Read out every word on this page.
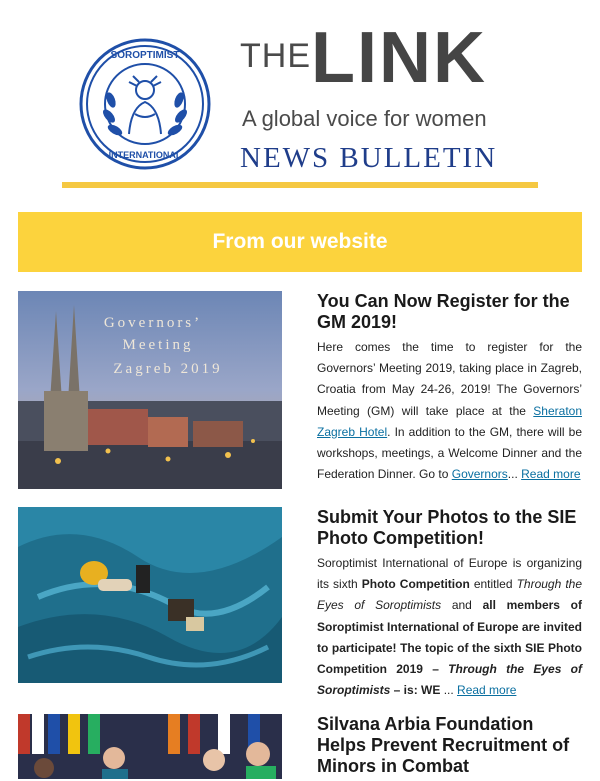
SOROPTIMIST
INTERNATIONAL
THE LINK
A global voice for women
NEWS BULLETIN
From our website
Governors’
Meeting
Zagreb 2019
You Can Now Register for the GM 2019!

Here comes the time to register for the Governors’ Meeting 2019, taking place in Zagreb, Croatia from May 24-26, 2019! The Governors’ Meeting (GM) will take place at the Sheraton Zagreb Hotel. In addition to the GM, there will be workshops, meetings, a Welcome Dinner and the Federation Dinner. Go to Governors... Read more

Submit Your Photos to the SIE Photo Competition!

Soroptimist International of Europe is organizing its sixth Photo Competition entitled Through the Eyes of Soroptimists and all members of Soroptimist International of Europe are invited to participate! The topic of the sixth SIE Photo Competition 2019 – Through the Eyes of Soroptimists – is: WE ... Read more

Silvana Arbia Foundation Helps Prevent Recruitment of Minors in Combat
